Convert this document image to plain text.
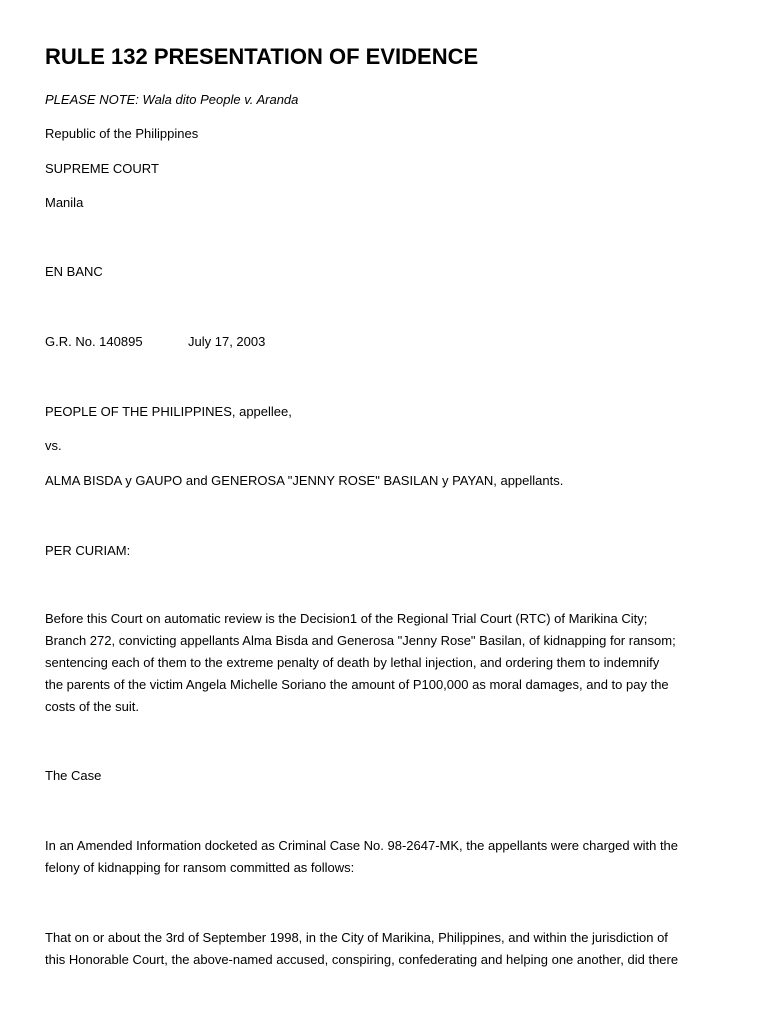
RULE 132 PRESENTATION OF EVIDENCE
PLEASE NOTE: Wala dito People v. Aranda
Republic of the Philippines
SUPREME COURT
Manila
EN BANC
G.R. No. 140895	July 17, 2003
PEOPLE OF THE PHILIPPINES, appellee,
vs.
ALMA BISDA y GAUPO and GENEROSA "JENNY ROSE" BASILAN y PAYAN, appellants.
PER CURIAM:
Before this Court on automatic review is the Decision1 of the Regional Trial Court (RTC) of Marikina City;
Branch 272, convicting appellants Alma Bisda and Generosa "Jenny Rose" Basilan, of kidnapping for ransom;
sentencing each of them to the extreme penalty of death by lethal injection, and ordering them to indemnify
the parents of the victim Angela Michelle Soriano the amount of P100,000 as moral damages, and to pay the
costs of the suit.
The Case
In an Amended Information docketed as Criminal Case No. 98-2647-MK, the appellants were charged with the
felony of kidnapping for ransom committed as follows:
That on or about the 3rd of September 1998, in the City of Marikina, Philippines, and within the jurisdiction of
this Honorable Court, the above-named accused, conspiring, confederating and helping one another, did there
